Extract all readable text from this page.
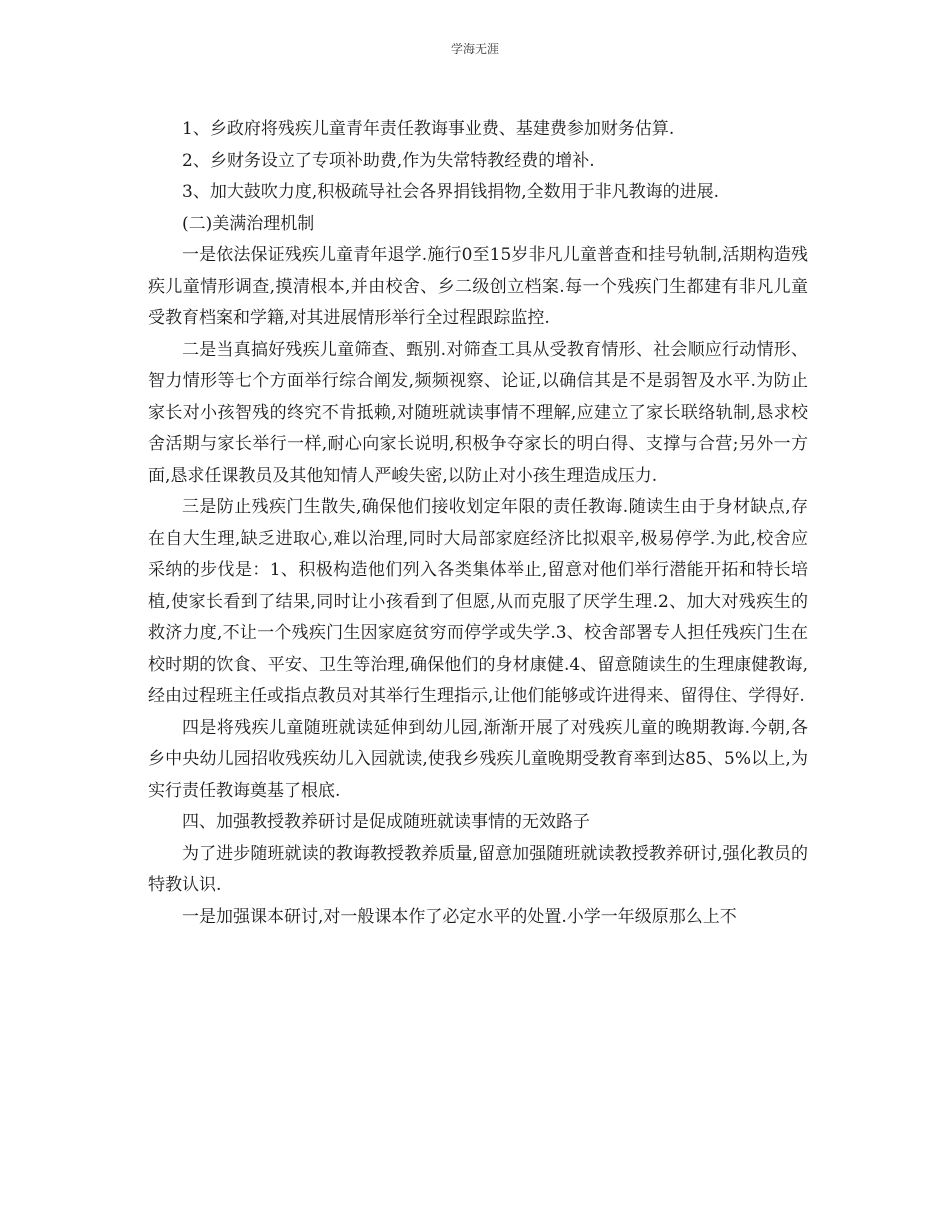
学海无涯

1、乡政府将残疾儿童青年责任教诲事业费、基建费参加财务估算.

2、乡财务设立了专项补助费,作为失常特教经费的增补.

3、加大鼓吹力度,积极疏导社会各界捐钱捐物,全数用于非凡教诲的进展.

(二)美满治理机制

一是依法保证残疾儿童青年退学.施行0至15岁非凡儿童普查和挂号轨制,活期构造残疾儿童情形调查,摸清根本,并由校舍、乡二级创立档案.每一个残疾门生都建有非凡儿童受教育档案和学籍,对其进展情形举行全过程跟踪监控.

二是当真搞好残疾儿童筛查、甄别.对筛查工具从受教育情形、社会顺应行动情形、智力情形等七个方面举行综合阐发,频频视察、论证,以确信其是不是弱智及水平.为防止家长对小孩智残的终究不肯抵赖,对随班就读事情不理解,应建立了家长联络轨制,恳求校舍活期与家长举行一样,耐心向家长说明,积极争夺家长的明白得、支撑与合营;另外一方面,恳求任课教员及其他知情人严峻失密,以防止对小孩生理造成压力.

三是防止残疾门生散失,确保他们接收划定年限的责任教诲.随读生由于身材缺点,存在自大生理,缺乏进取心,难以治理,同时大局部家庭经济比拟艰辛,极易停学.为此,校舍应采纳的步伐是：1、积极构造他们列入各类集体举止,留意对他们举行潜能开拓和特长培植,使家长看到了结果,同时让小孩看到了但愿,从而克服了厌学生理.2、加大对残疾生的救济力度,不让一个残疾门生因家庭贫穷而停学或失学.3、校舍部署专人担任残疾门生在校时期的饮食、平安、卫生等治理,确保他们的身材康健.4、留意随读生的生理康健教诲,经由过程班主任或指点教员对其举行生理指示,让他们能够或许进得来、留得住、学得好.

四是将残疾儿童随班就读延伸到幼儿园,渐渐开展了对残疾儿童的晚期教诲.今朝,各乡中央幼儿园招收残疾幼儿入园就读,使我乡残疾儿童晚期受教育率到达85、5%以上,为实行责任教诲奠基了根底.

四、加强教授教养研讨是促成随班就读事情的无效路子

为了进步随班就读的教诲教授教养质量,留意加强随班就读教授教养研讨,强化教员的特教认识.

一是加强课本研讨,对一般课本作了必定水平的处置.小学一年级原那么上不
